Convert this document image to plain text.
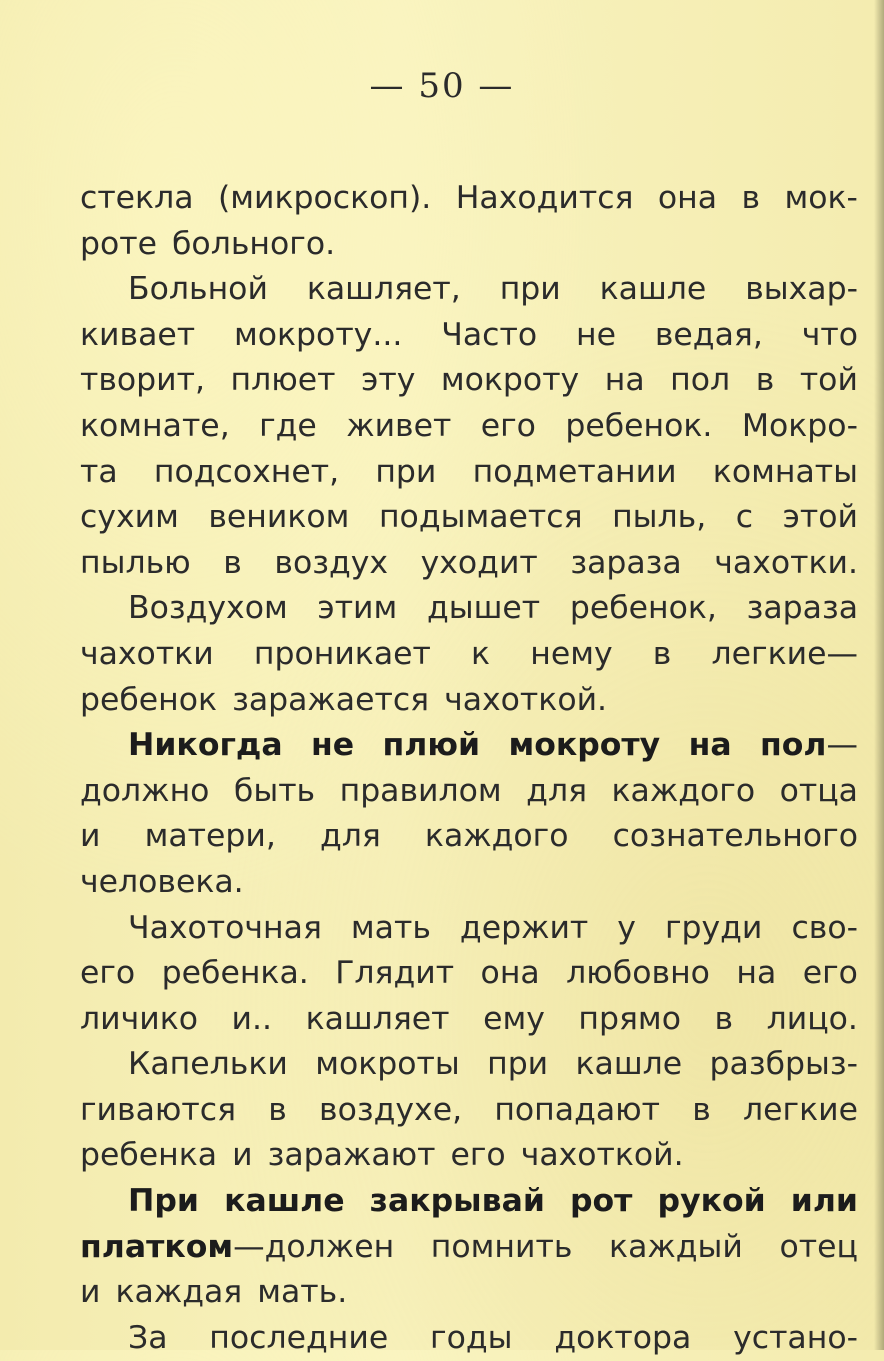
— 50 —
стекла (микроскоп). Находится она в мок-
роте больного.
Больной кашляет, при кашле выхар-
кивает мокроту... Часто не ведая, что
творит, плюет эту мокроту на пол в той
комнате, где живет его ребенок. Мокро-
та подсохнет, при подметании комнаты
сухим веником подымается пыль, с этой
пылью в воздух уходит зараза чахотки.
Воздухом этим дышет ребенок, зараза
чахотки проникает к нему в легкие—
ребенок заражается чахоткой.
Никогда не плюй мокроту на пол—
должно быть правилом для каждого отца
и матери, для каждого сознательного
человека.
Чахоточная мать держит у груди сво-
его ребенка. Глядит она любовно на его
личико и.. кашляет ему прямо в лицо.
Капельки мокроты при кашле разбрыз-
гиваются в воздухе, попадают в легкие
ребенка и заражают его чахоткой.
При кашле закрывай рот рукой или
платком—должен помнить каждый отец
и каждая мать.
За последние годы доктора устано-
